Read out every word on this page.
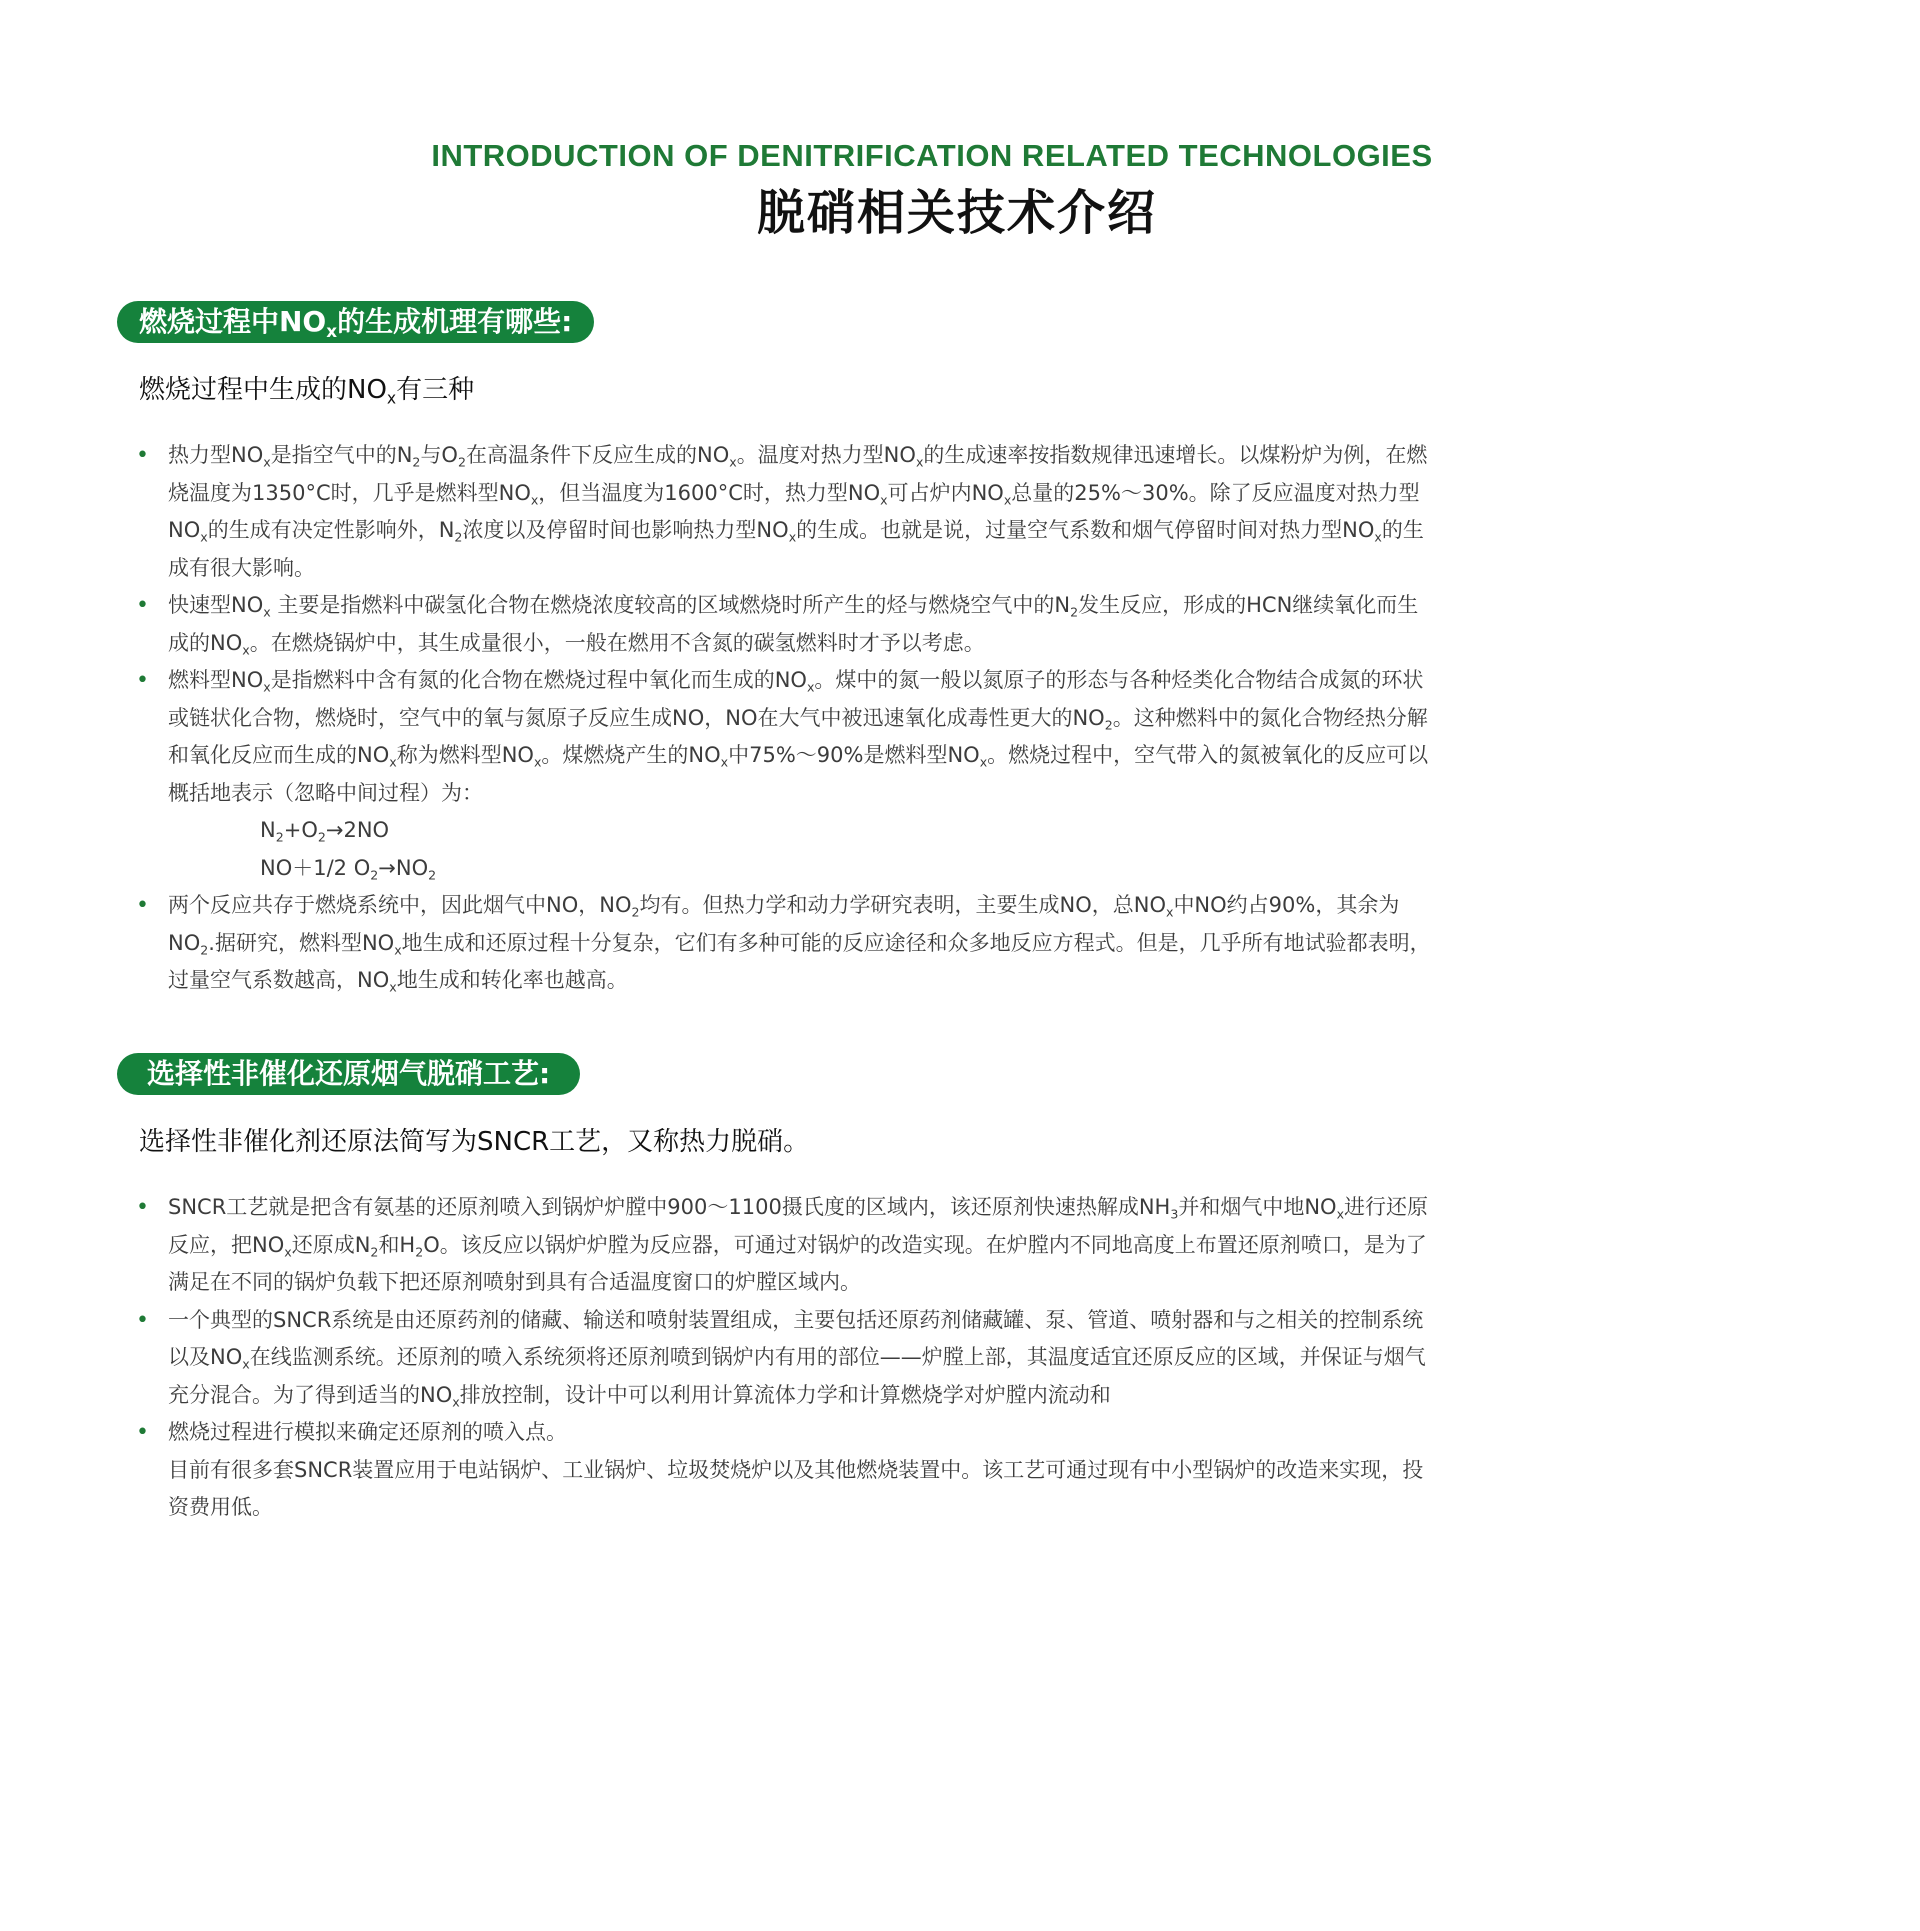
INTRODUCTION OF DENITRIFICATION RELATED TECHNOLOGIES
脱硝相关技术介绍
燃烧过程中$NO_x$的生成机理有哪些:
燃烧过程中生成的$NO_x$有三种
• 热力型$NO_x$是指空气中的$N_2$与$O_2$在高温条件下反应生成的$NO_x$。温度对热力型$NO_x$的生成速率按指数规律迅速增长。以煤粉炉为例，在燃烧温度为1350°C时，几乎是燃料型$NO_x$，但当温度为1600°C时，热力型$NO_x$可占炉内$NO_x$总量的25%～30%。除了反应温度对热力型$NO_x$的生成有决定性影响外，$N_2$浓度以及停留时间也影响热力型$NO_x$的生成。也就是说，过量空气系数和烟气停留时间对热力型$NO_x$的生成有很大影响。
• 快速型$NO_x$ 主要是指燃料中碳氢化合物在燃烧浓度较高的区域燃烧时所产生的烃与燃烧空气中的$N_2$发生反应，形成的HCN继续氧化而生成的$NO_x$。在燃烧锅炉中，其生成量很小，一般在燃用不含氮的碳氢燃料时才予以考虑。
• 燃料型$NO_x$是指燃料中含有氮的化合物在燃烧过程中氧化而生成的$NO_x$。煤中的氮一般以氮原子的形态与各种烃类化合物结合成氮的环状或链状化合物，燃烧时，空气中的氧与氮原子反应生成NO，NO在大气中被迅速氧化成毒性更大的$NO_2$。这种燃料中的氮化合物经热分解和氧化反应而生成的$NO_x$称为燃料型$NO_x$。煤燃烧产生的$NO_x$中75%～90%是燃料型$NO_x$。燃烧过程中，空气带入的氮被氧化的反应可以概括地表示（忽略中间过程）为：
$N_2+O_2\to 2NO$
NO＋1/2 $O_2\to NO_2$
• 两个反应共存于燃烧系统中，因此烟气中NO，$NO_2$均有。但热力学和动力学研究表明，主要生成NO，总$NO_x$中NO约占90%，其余为$NO_2$.据研究，燃料型$NO_x$地生成和还原过程十分复杂，它们有多种可能的反应途径和众多地反应方程式。但是，几乎所有地试验都表明，过量空气系数越高，$NO_x$地生成和转化率也越高。
选择性非催化还原烟气脱硝工艺:
选择性非催化剂还原法简写为SNCR工艺，又称热力脱硝。
• SNCR工艺就是把含有氨基的还原剂喷入到锅炉炉膛中900～1100摄氏度的区域内，该还原剂快速热解成$NH_3$并和烟气中地$NO_x$进行还原反应，把$NO_x$还原成$N_2$和$H_2O$。该反应以锅炉炉膛为反应器，可通过对锅炉的改造实现。在炉膛内不同地高度上布置还原剂喷口，是为了满足在不同的锅炉负载下把还原剂喷射到具有合适温度窗口的炉膛区域内。
• 一个典型的SNCR系统是由还原药剂的储藏、输送和喷射装置组成，主要包括还原药剂储藏罐、泵、管道、喷射器和与之相关的控制系统以及$NO_x$在线监测系统。还原剂的喷入系统须将还原剂喷到锅炉内有用的部位——炉膛上部，其温度适宜还原反应的区域，并保证与烟气充分混合。为了得到适当的$NO_x$排放控制，设计中可以利用计算流体力学和计算燃烧学对炉膛内流动和
• 燃烧过程进行模拟来确定还原剂的喷入点。
目前有很多套SNCR装置应用于电站锅炉、工业锅炉、垃圾焚烧炉以及其他燃烧装置中。该工艺可通过现有中小型锅炉的改造来实现，投资费用低。
